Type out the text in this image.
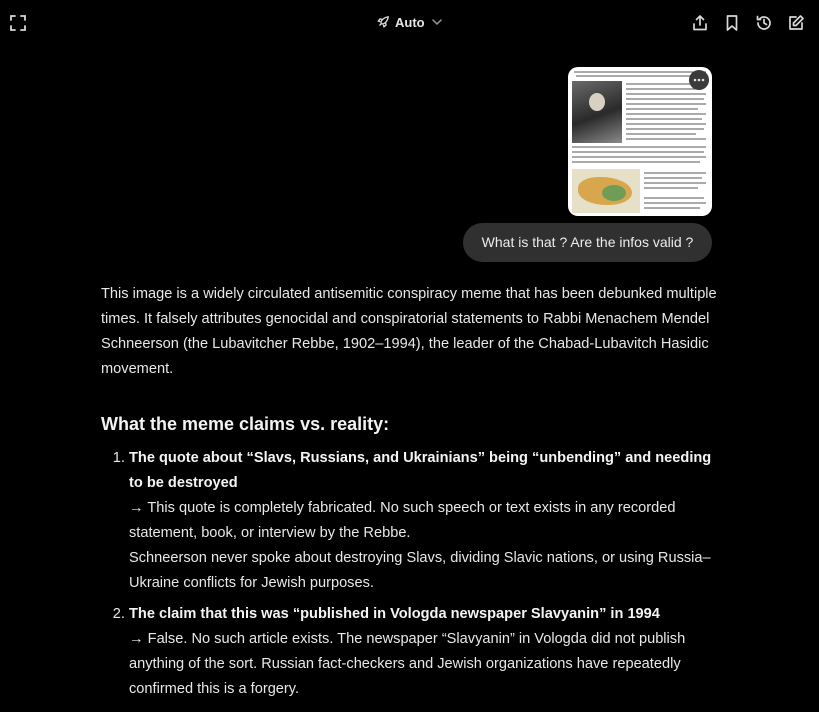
Auto
What is that ? Are the infos valid ?

This image is a widely circulated antisemitic conspiracy meme that has been debunked multiple times. It falsely attributes genocidal and conspiratorial statements to Rabbi Menachem Mendel Schneerson (the Lubavitcher Rebbe, 1902–1994), the leader of the Chabad-Lubavitch Hasidic movement.

What the meme claims vs. reality:
1. The quote about “Slavs, Russians, and Ukrainians” being “unbending” and needing to be destroyed
→ This quote is completely fabricated. No such speech or text exists in any recorded statement, book, or interview by the Rebbe.
Schneerson never spoke about destroying Slavs, dividing Slavic nations, or using Russia–Ukraine conflicts for Jewish purposes.
2. The claim that this was “published in Vologda newspaper Slavyanin” in 1994
→ False. No such article exists. The newspaper “Slavyanin” in Vologda did not publish anything of the sort. Russian fact-checkers and Jewish organizations have repeatedly confirmed this is a forgery.
